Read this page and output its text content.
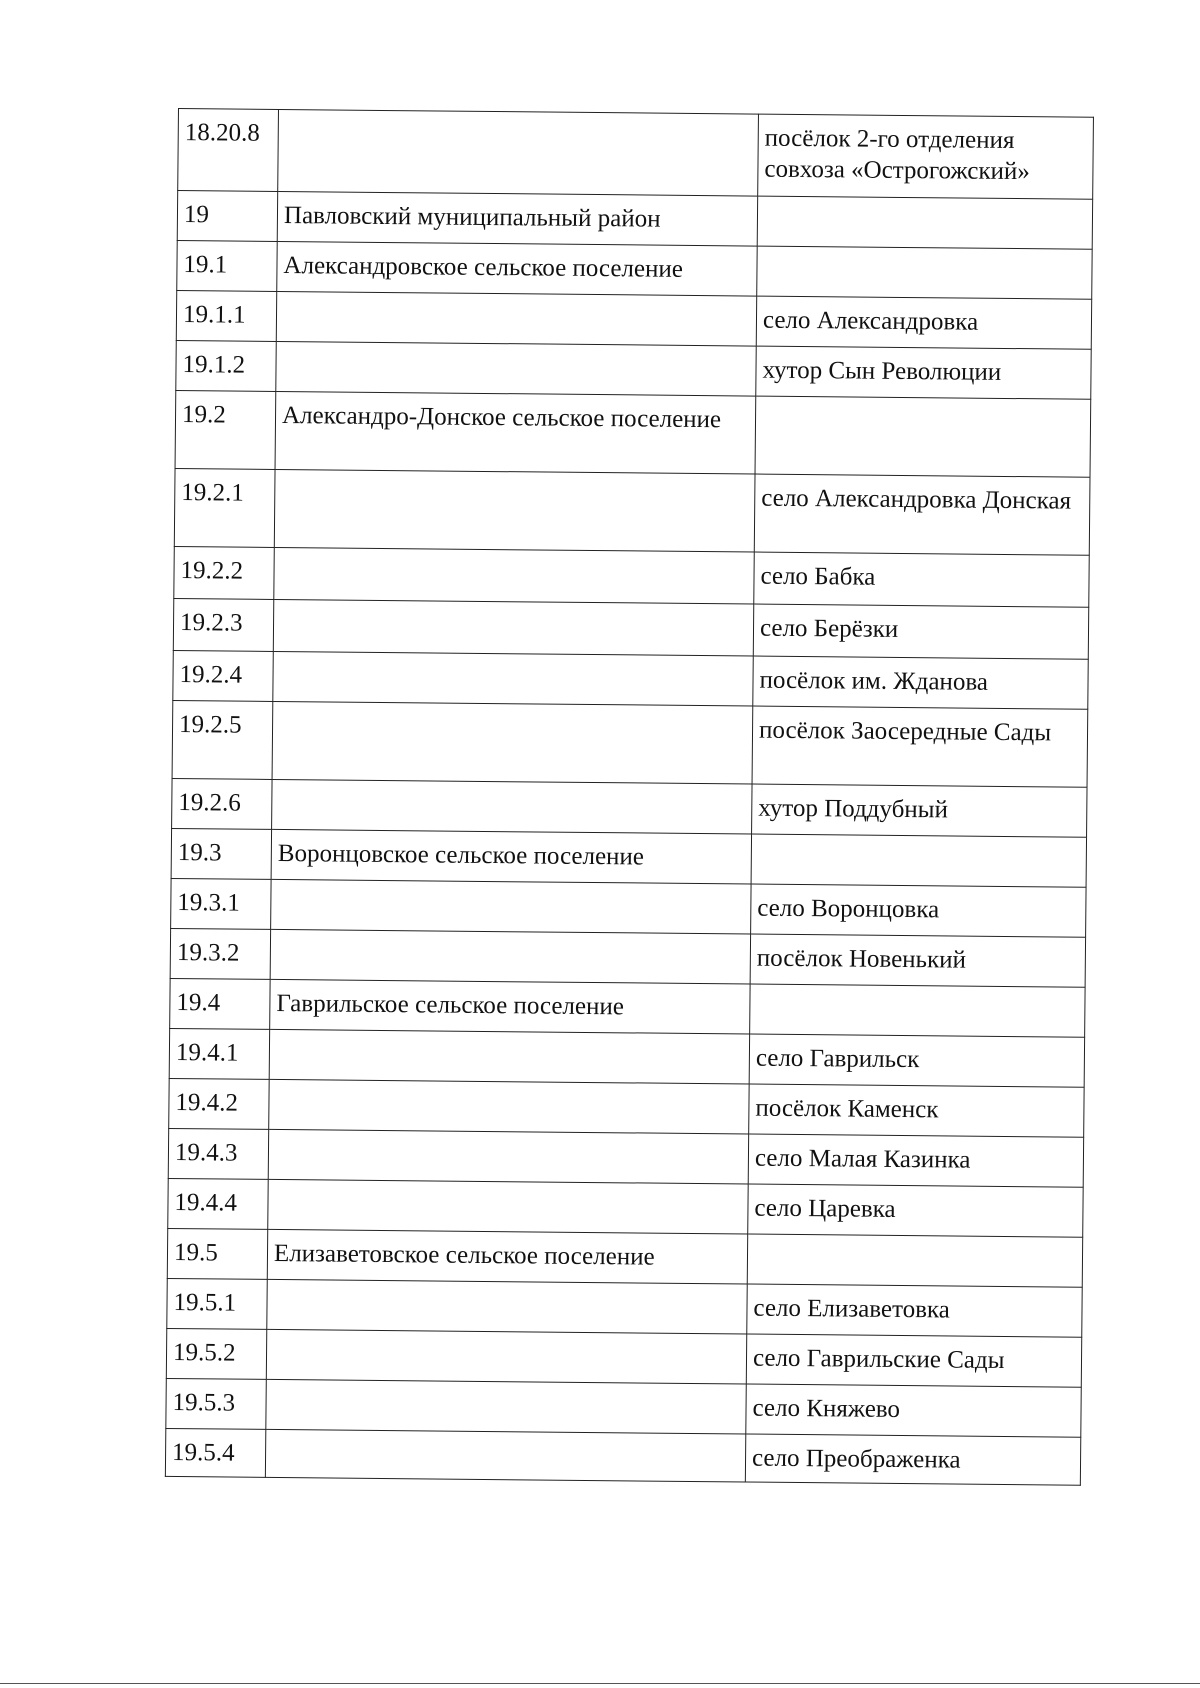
18.20.8		посёлок 2-го отделения совхоза «Острогожский»
19	Павловский муниципальный район	
19.1	Александровское сельское поселение	
19.1.1		село Александровка
19.1.2		хутор Сын Революции
19.2	Александро-Донское сельское поселение	
19.2.1		село Александровка Донская
19.2.2		село Бабка
19.2.3		село Берёзки
19.2.4		посёлок им. Жданова
19.2.5		посёлок Заосередные Сады
19.2.6		хутор Поддубный
19.3	Воронцовское сельское поселение	
19.3.1		село Воронцовка
19.3.2		посёлок Новенький
19.4	Гаврильское сельское поселение	
19.4.1		село Гаврильск
19.4.2		посёлок Каменск
19.4.3		село Малая Казинка
19.4.4		село Царевка
19.5	Елизаветовское сельское поселение	
19.5.1		село Елизаветовка
19.5.2		село Гаврильские Сады
19.5.3		село Княжево
19.5.4		село Преображенка
